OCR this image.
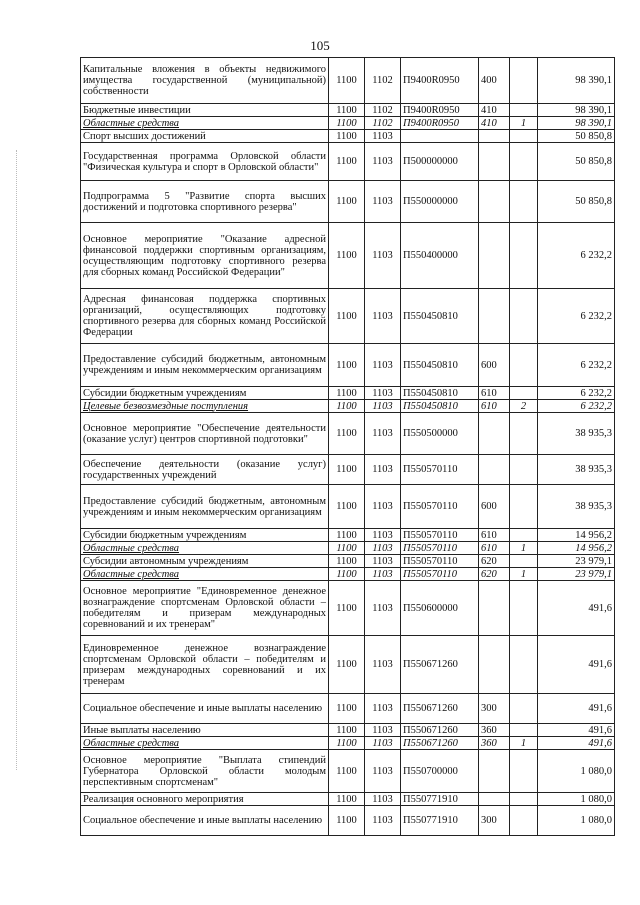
105
Капитальные вложения в объекты недвижимого имущества государственной (муниципальной) собственности	1100	1102	П9400R0950	400		98 390,1
Бюджетные инвестиции	1100	1102	П9400R0950	410		98 390,1
Областные средства	1100	1102	П9400R0950	410	1	98 390,1
Спорт высших достижений	1100	1103				50 850,8
Государственная программа Орловской области "Физическая культура и спорт в Орловской области"	1100	1103	П500000000			50 850,8
Подпрограмма 5 "Развитие спорта высших достижений и подготовка спортивного резерва"	1100	1103	П550000000			50 850,8
Основное мероприятие "Оказание адресной финансовой поддержки спортивным организациям, осуществляющим подготовку спортивного резерва для сборных команд Российской Федерации"	1100	1103	П550400000			6 232,2
Адресная финансовая поддержка спортивных организаций, осуществляющих подготовку спортивного резерва для сборных команд Российской Федерации	1100	1103	П550450810			6 232,2
Предоставление субсидий бюджетным, автономным учреждениям и иным некоммерческим организациям	1100	1103	П550450810	600		6 232,2
Субсидии бюджетным учреждениям	1100	1103	П550450810	610		6 232,2
Целевые безвозмездные поступления	1100	1103	П550450810	610	2	6 232,2
Основное мероприятие "Обеспечение деятельности (оказание услуг) центров спортивной подготовки"	1100	1103	П550500000			38 935,3
Обеспечение деятельности (оказание услуг) государственных учреждений	1100	1103	П550570110			38 935,3
Предоставление субсидий бюджетным, автономным учреждениям и иным некоммерческим организациям	1100	1103	П550570110	600		38 935,3
Субсидии бюджетным учреждениям	1100	1103	П550570110	610		14 956,2
Областные средства	1100	1103	П550570110	610	1	14 956,2
Субсидии автономным учреждениям	1100	1103	П550570110	620		23 979,1
Областные средства	1100	1103	П550570110	620	1	23 979,1
Основное мероприятие "Единовременное денежное вознаграждение спортсменам Орловской области – победителям и призерам международных соревнований и их тренерам"	1100	1103	П550600000			491,6
Единовременное денежное вознаграждение спортсменам Орловской области – победителям и призерам международных соревнований и их тренерам	1100	1103	П550671260			491,6
Социальное обеспечение и иные выплаты населению	1100	1103	П550671260	300		491,6
Иные выплаты населению	1100	1103	П550671260	360		491,6
Областные средства	1100	1103	П550671260	360	1	491,6
Основное мероприятие "Выплата стипендий Губернатора Орловской области молодым перспективным спортсменам"	1100	1103	П550700000			1 080,0
Реализация основного мероприятия	1100	1103	П550771910			1 080,0
Социальное обеспечение и иные выплаты населению	1100	1103	П550771910	300		1 080,0
